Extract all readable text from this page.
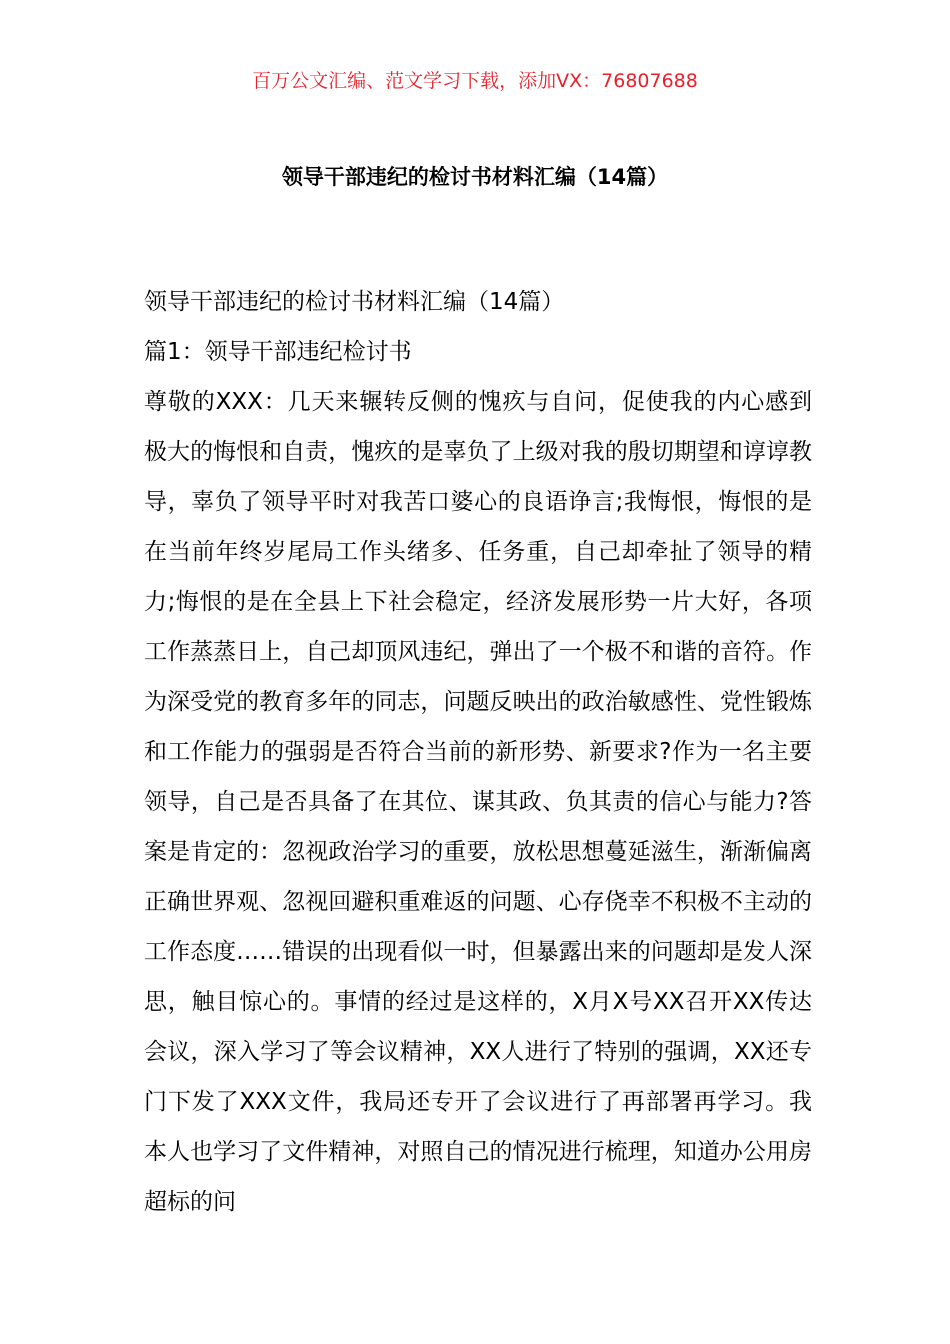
百万公文汇编、范文学习下载，添加VX：76807688
领导干部违纪的检讨书材料汇编（14篇）

领导干部违纪的检讨书材料汇编（14篇）

篇1：领导干部违纪检讨书

尊敬的XXX：几天来辗转反侧的愧疚与自问，促使我的内心感到极大的悔恨和自责，愧疚的是辜负了上级对我的殷切期望和谆谆教导，辜负了领导平时对我苦口婆心的良语诤言;我悔恨，悔恨的是在当前年终岁尾局工作头绪多、任务重，自己却牵扯了领导的精力;悔恨的是在全县上下社会稳定，经济发展形势一片大好，各项工作蒸蒸日上，自己却顶风违纪，弹出了一个极不和谐的音符。作为深受党的教育多年的同志，问题反映出的政治敏感性、党性锻炼和工作能力的强弱是否符合当前的新形势、新要求?作为一名主要领导，自己是否具备了在其位、谋其政、负其责的信心与能力?答案是肯定的：忽视政治学习的重要，放松思想蔓延滋生，渐渐偏离正确世界观、忽视回避积重难返的问题、心存侥幸不积极不主动的工作态度……错误的出现看似一时，但暴露出来的问题却是发人深思，触目惊心的。事情的经过是这样的，X月X号XX召开XX传达会议，深入学习了等会议精神，XX人进行了特别的强调，XX还专门下发了XXX文件，我局还专开了会议进行了再部署再学习。我本人也学习了文件精神，对照自己的情况进行梳理，知道办公用房超标的问
